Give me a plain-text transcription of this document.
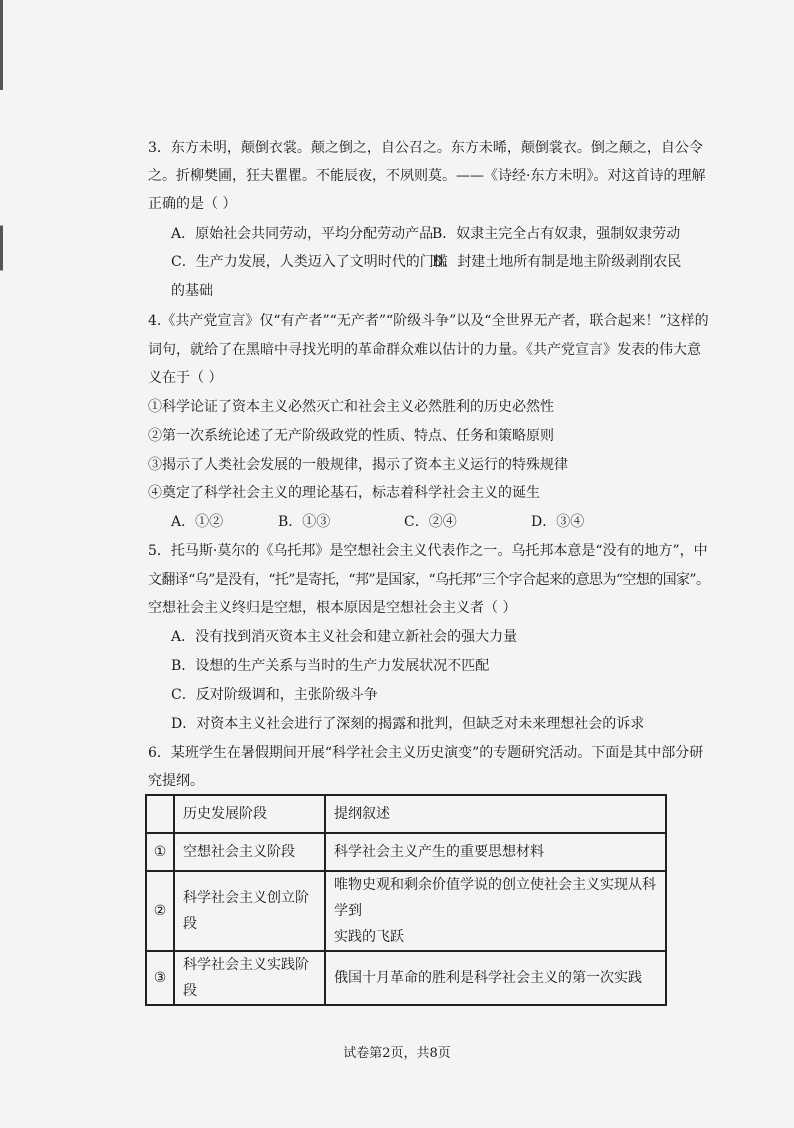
3．东方未明，颠倒衣裳。颠之倒之，自公召之。东方未晞，颠倒裳衣。倒之颠之，自公令
之。折柳樊圃，狂夫瞿瞿。不能辰夜，不夙则莫。——《诗经·东方未明》。对这首诗的理解
正确的是（ ）
A．原始社会共同劳动，平均分配劳动产品
B．奴隶主完全占有奴隶，强制奴隶劳动
C．生产力发展，人类迈入了文明时代的门槛
D．封建土地所有制是地主阶级剥削农民
的基础
4.《共产党宣言》仅“有产者”“无产者”“阶级斗争”以及“全世界无产者，联合起来！”这样的
词句，就给了在黑暗中寻找光明的革命群众难以估计的力量。《共产党宣言》发表的伟大意
义在于（ ）
①科学论证了资本主义必然灭亡和社会主义必然胜利的历史必然性
②第一次系统论述了无产阶级政党的性质、特点、任务和策略原则
③揭示了人类社会发展的一般规律，揭示了资本主义运行的特殊规律
④奠定了科学社会主义的理论基石，标志着科学社会主义的诞生
A．①②	B．①③	C．②④	D．③④
5．托马斯·莫尔的《乌托邦》是空想社会主义代表作之一。乌托邦本意是“没有的地方”，中
文翻译“乌”是没有，“托”是寄托，“邦”是国家，“乌托邦”三个字合起来的意思为“空想的国家”。
空想社会主义终归是空想，根本原因是空想社会主义者（ ）
A．没有找到消灭资本主义社会和建立新社会的强大力量
B．设想的生产关系与当时的生产力发展状况不匹配
C．反对阶级调和，主张阶级斗争
D．对资本主义社会进行了深刻的揭露和批判，但缺乏对未来理想社会的诉求
6．某班学生在暑假期间开展“科学社会主义历史演变”的专题研究活动。下面是其中部分研
究提纲。
	历史发展阶段	提纲叙述
①	空想社会主义阶段	科学社会主义产生的重要思想材料
②	科学社会主义创立阶段	唯物史观和剩余价值学说的创立使社会主义实现从科学到
实践的飞跃

③	科学社会主义实践阶段	俄国十月革命的胜利是科学社会主义的第一次实践
试卷第2页，共8页
